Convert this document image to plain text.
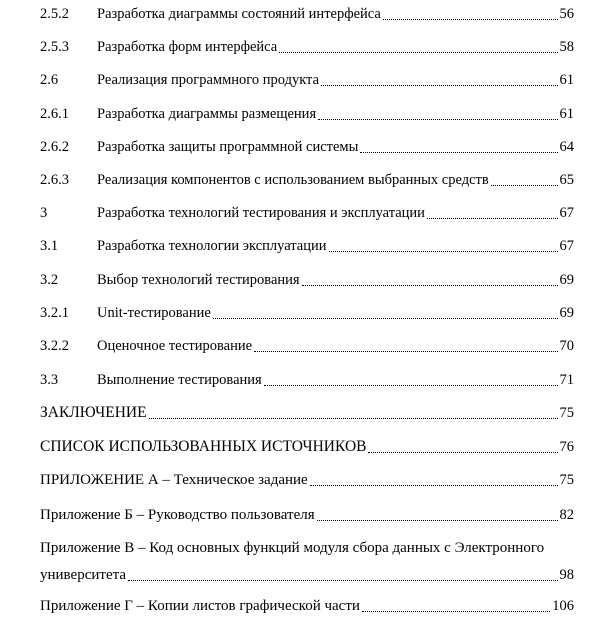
2.5.2	Разработка диаграммы состояний интерфейса	56
2.5.3	Разработка форм интерфейса	58
2.6	Реализация программного продукта	61
2.6.1	Разработка диаграммы размещения	61
2.6.2	Разработка защиты программной системы	64
2.6.3	Реализация компонентов с использованием выбранных средств	65
3	Разработка технологий тестирования и эксплуатации	67
3.1	Разработка технологии эксплуатации	67
3.2	Выбор технологий тестирования	69
3.2.1	Unit-тестирование	69
3.2.2	Оценочное тестирование	70
3.3	Выполнение тестирования	71
ЗАКЛЮЧЕНИЕ	75
СПИСОК ИСПОЛЬЗОВАННЫХ ИСТОЧНИКОВ	76
ПРИЛОЖЕНИЕ А – Техническое задание	75
Приложение Б – Руководство пользователя	82
Приложение В – Код основных функций модуля сбора данных с Электронного
университета	98
Приложение Г – Копии листов графической части	106
